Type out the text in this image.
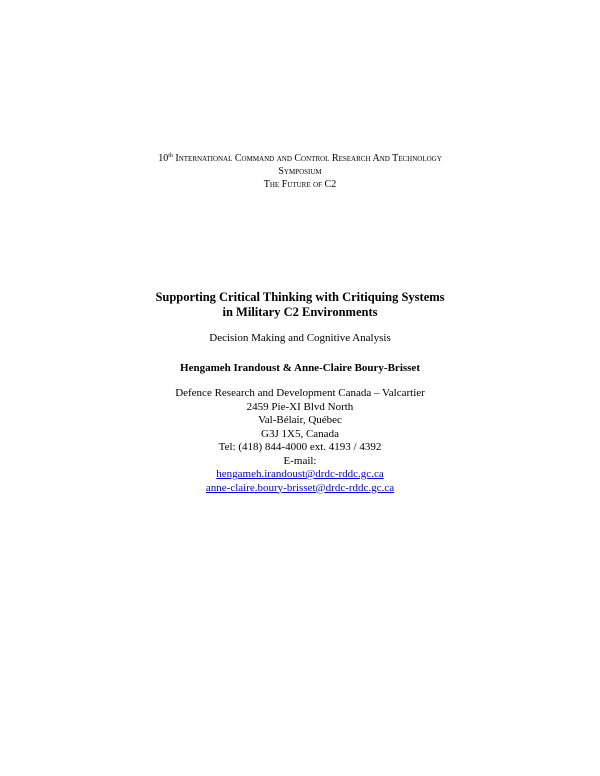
10th International Command and Control Research And Technology
Symposium
The Future of C2
Supporting Critical Thinking with Critiquing Systems
in Military C2 Environments
Decision Making and Cognitive Analysis
Hengameh Irandoust & Anne-Claire Boury-Brisset
Defence Research and Development Canada – Valcartier
2459 Pie-XI Blvd North
Val-Bélair, Québec
G3J 1X5, Canada
Tel: (418) 844-4000 ext. 4193 / 4392
E-mail:
hengameh.irandoust@drdc-rddc.gc.ca
anne-claire.boury-brisset@drdc-rddc.gc.ca
